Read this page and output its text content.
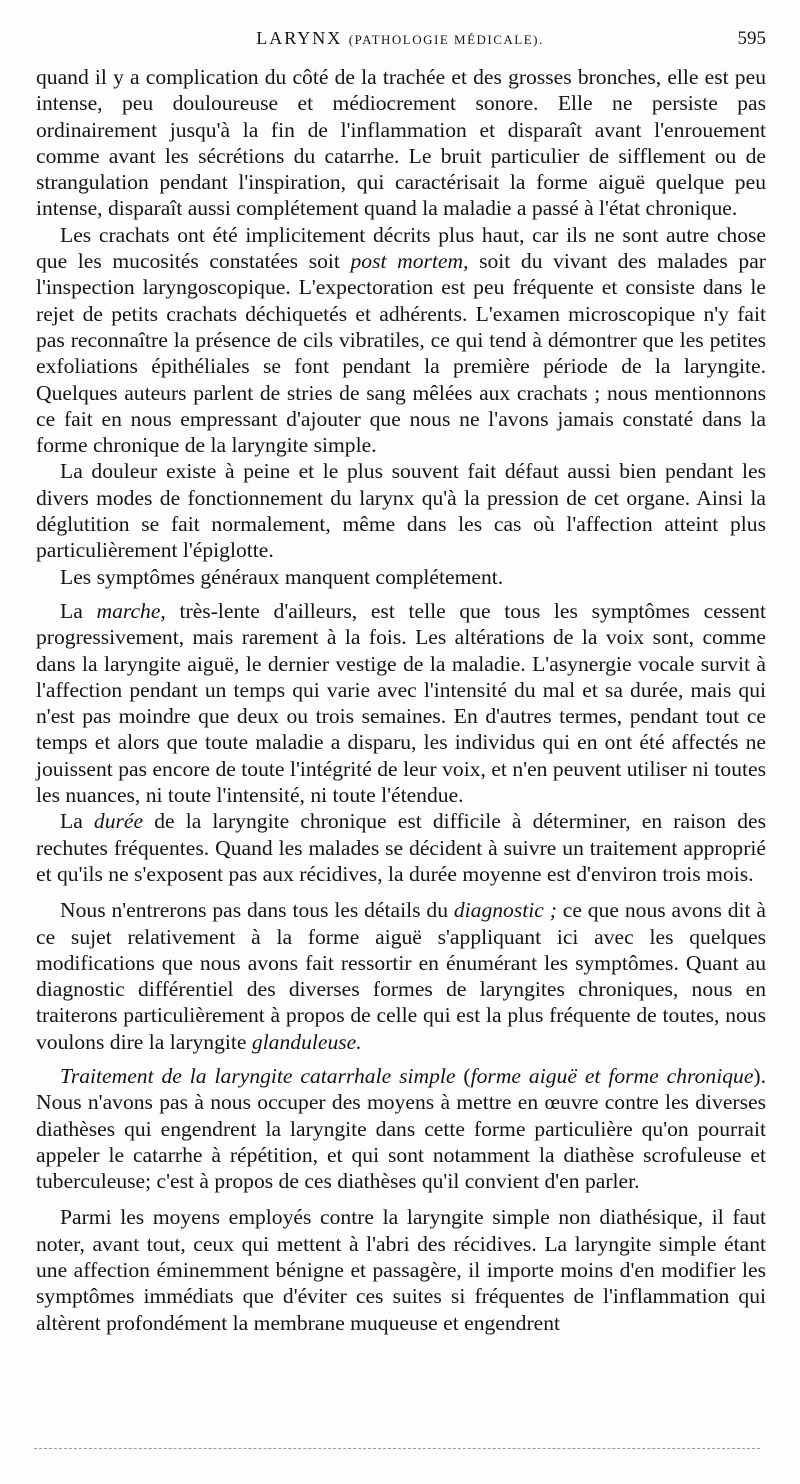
LARYNX (PATHOLOGIE MÉDICALE).	595

quand il y a complication du côté de la trachée et des grosses bronches, elle est peu intense, peu douloureuse et médiocrement sonore. Elle ne persiste pas ordinairement jusqu'à la fin de l'inflammation et disparaît avant l'enrouement comme avant les sécrétions du catarrhe. Le bruit particulier de sifflement ou de strangulation pendant l'inspiration, qui caractérisait la forme aiguë quelque peu intense, disparaît aussi complétement quand la maladie a passé à l'état chronique.

Les crachats ont été implicitement décrits plus haut, car ils ne sont autre chose que les mucosités constatées soit post mortem, soit du vivant des malades par l'inspection laryngoscopique. L'expectoration est peu fréquente et consiste dans le rejet de petits crachats déchiquetés et adhérents. L'examen microscopique n'y fait pas reconnaître la présence de cils vibratiles, ce qui tend à démontrer que les petites exfoliations épithéliales se font pendant la première période de la laryngite. Quelques auteurs parlent de stries de sang mêlées aux crachats ; nous mentionnons ce fait en nous empressant d'ajouter que nous ne l'avons jamais constaté dans la forme chronique de la laryngite simple.

La douleur existe à peine et le plus souvent fait défaut aussi bien pendant les divers modes de fonctionnement du larynx qu'à la pression de cet organe. Ainsi la déglutition se fait normalement, même dans les cas où l'affection atteint plus particulièrement l'épiglotte.

Les symptômes généraux manquent complétement.

La marche, très-lente d'ailleurs, est telle que tous les symptômes cessent progressivement, mais rarement à la fois. Les altérations de la voix sont, comme dans la laryngite aiguë, le dernier vestige de la maladie. L'asynergie vocale survit à l'affection pendant un temps qui varie avec l'intensité du mal et sa durée, mais qui n'est pas moindre que deux ou trois semaines. En d'autres termes, pendant tout ce temps et alors que toute maladie a disparu, les individus qui en ont été affectés ne jouissent pas encore de toute l'intégrité de leur voix, et n'en peuvent utiliser ni toutes les nuances, ni toute l'intensité, ni toute l'étendue.

La durée de la laryngite chronique est difficile à déterminer, en raison des rechutes fréquentes. Quand les malades se décident à suivre un traitement approprié et qu'ils ne s'exposent pas aux récidives, la durée moyenne est d'environ trois mois.

Nous n'entrerons pas dans tous les détails du diagnostic ; ce que nous avons dit à ce sujet relativement à la forme aiguë s'appliquant ici avec les quelques modifications que nous avons fait ressortir en énumérant les symptômes. Quant au diagnostic différentiel des diverses formes de laryngites chroniques, nous en traiterons particulièrement à propos de celle qui est la plus fréquente de toutes, nous voulons dire la laryngite glanduleuse.

Traitement de la laryngite catarrhale simple (forme aiguë et forme chronique). Nous n'avons pas à nous occuper des moyens à mettre en œuvre contre les diverses diathèses qui engendrent la laryngite dans cette forme particulière qu'on pourrait appeler le catarrhe à répétition, et qui sont notamment la diathèse scrofuleuse et tuberculeuse; c'est à propos de ces diathèses qu'il convient d'en parler.

Parmi les moyens employés contre la laryngite simple non diathésique, il faut noter, avant tout, ceux qui mettent à l'abri des récidives. La laryngite simple étant une affection éminemment bénigne et passagère, il importe moins d'en modifier les symptômes immédiats que d'éviter ces suites si fréquentes de l'inflammation qui altèrent profondément la membrane muqueuse et engendrent
